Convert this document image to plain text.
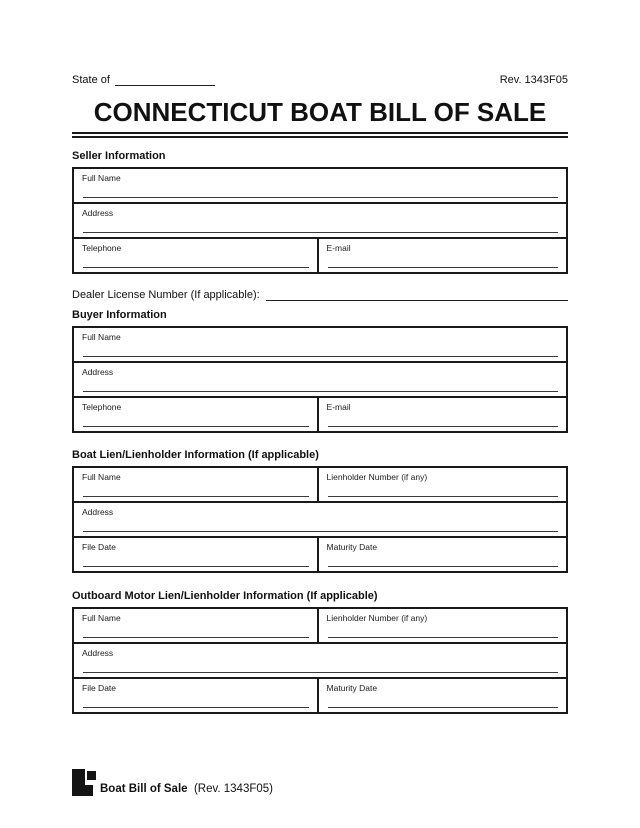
State of	Rev. 1343F05
CONNECTICUT BOAT BILL OF SALE
Seller Information
Full Name
Address
Telephone	E-mail
Dealer License Number (If applicable):
Buyer Information
Full Name
Address
Telephone	E-mail
Boat Lien/Lienholder Information (If applicable)
Full Name	Lienholder Number (if any)
Address
File Date	Maturity Date
Outboard Motor Lien/Lienholder Information (If applicable)
Full Name	Lienholder Number (if any)
Address
File Date	Maturity Date
Boat Bill of Sale (Rev. 1343F05)
